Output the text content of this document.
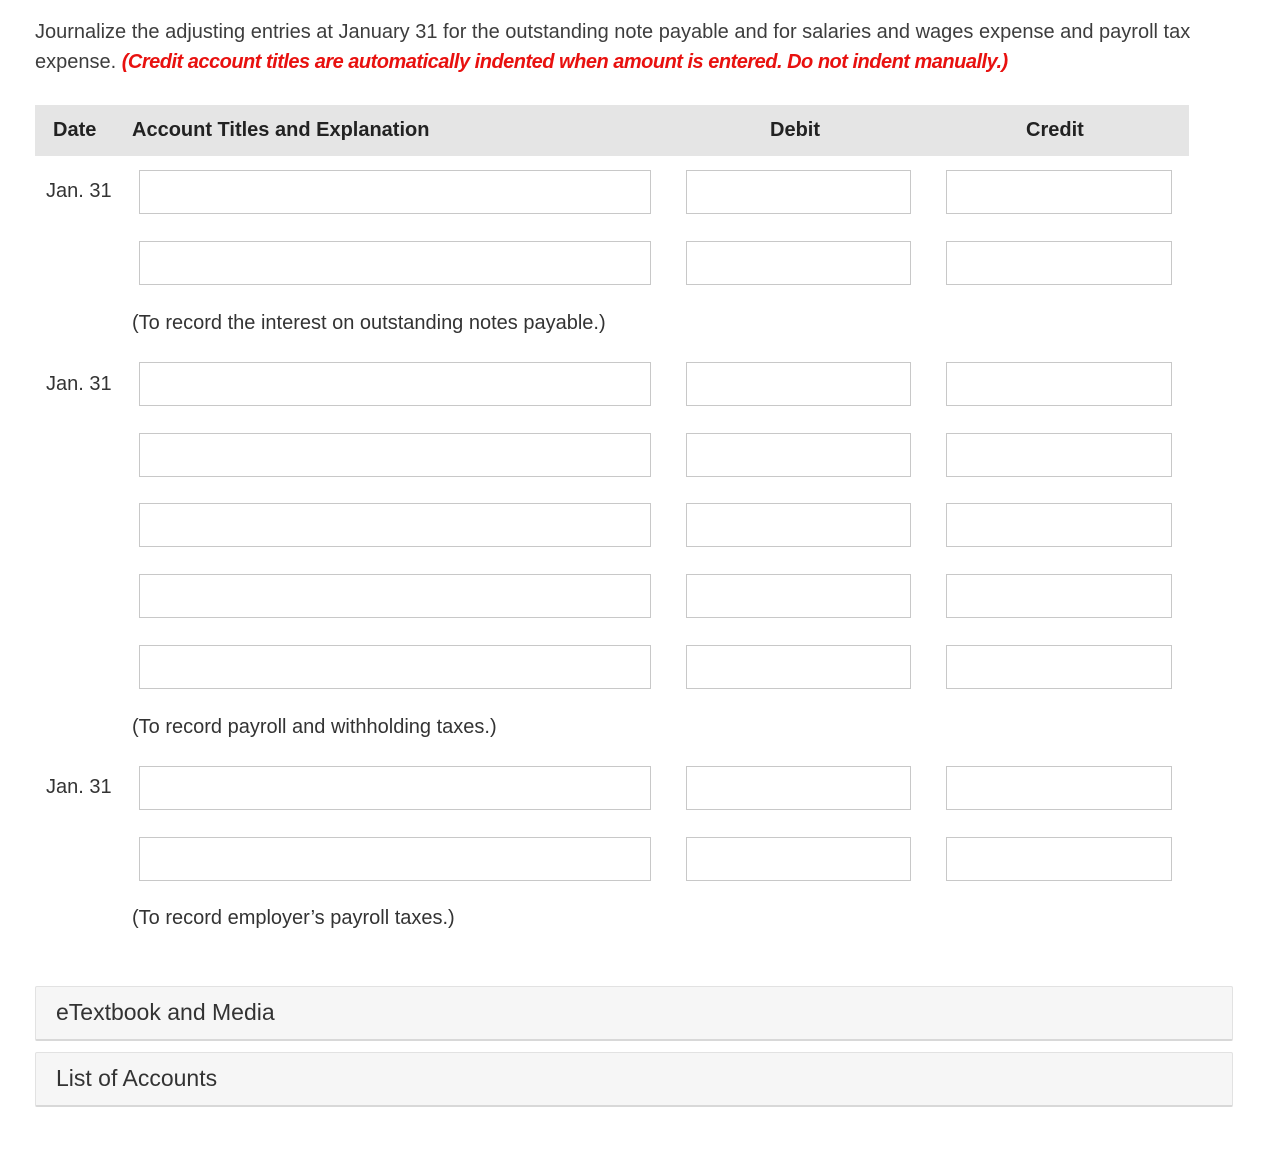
Journalize the adjusting entries at January 31 for the outstanding note payable and for salaries and wages expense and payroll tax expense. (Credit account titles are automatically indented when amount is entered. Do not indent manually.)
Date Account Titles and Explanation	Debit	Credit
Jan. 31
(To record the interest on outstanding notes payable.)
Jan. 31
(To record payroll and withholding taxes.)
Jan. 31
(To record employer’s payroll taxes.)
eTextbook and Media
List of Accounts
